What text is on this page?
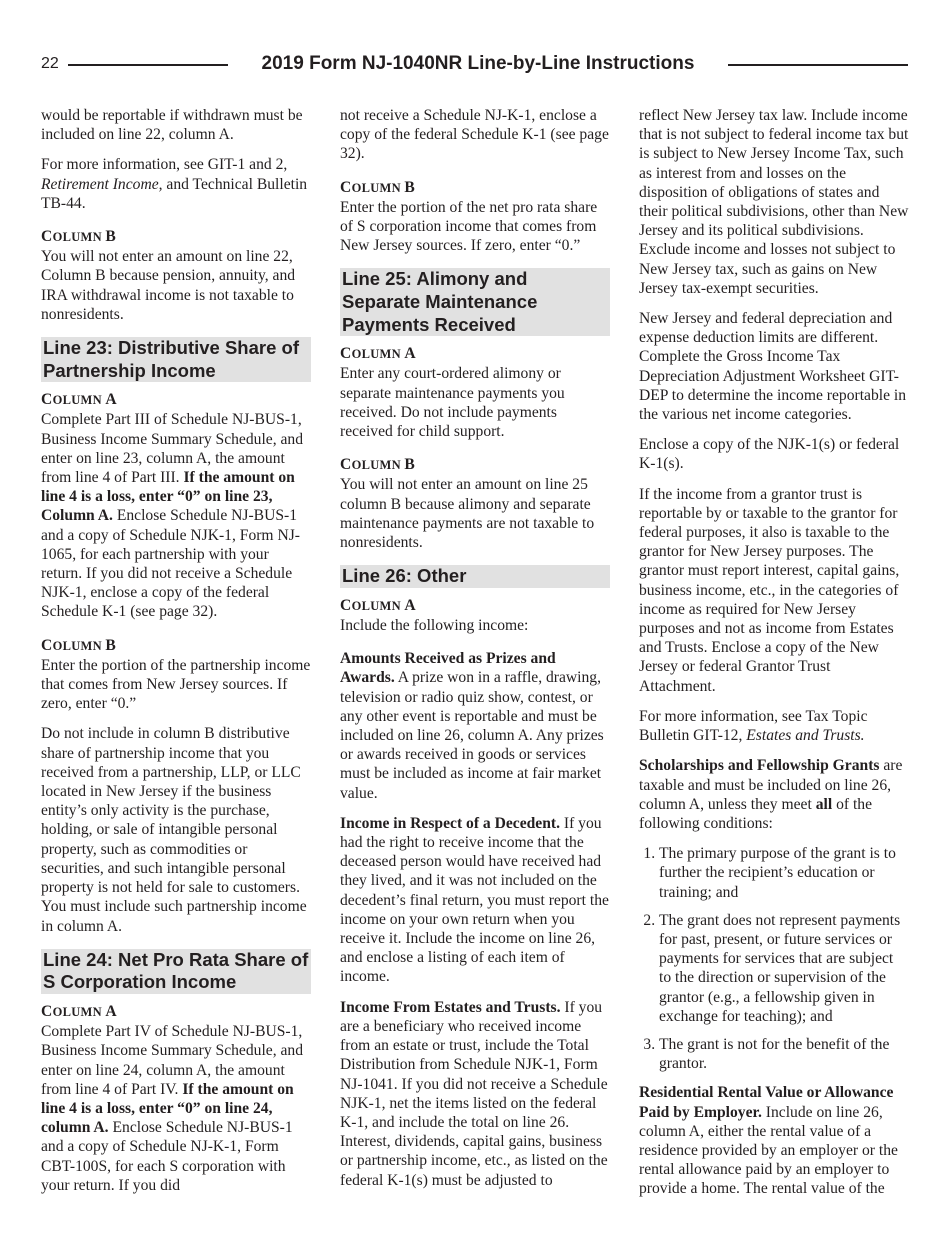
22	2019 Form NJ-1040NR Line-by-Line Instructions

would be reportable if withdrawn must be included on line 22, column A.

For more information, see GIT-1 and 2, Retirement Income, and Technical Bulletin TB-44.

COLUMN B

You will not enter an amount on line 22, Column B because pension, annuity, and IRA withdrawal income is not taxable to nonresidents.

Line 23: Distributive Share of Partnership Income
COLUMN A

Complete Part III of Schedule NJ-BUS-1, Business Income Summary Schedule, and enter on line 23, column A, the amount from line 4 of Part III. If the amount on line 4 is a loss, enter “0” on line 23, Column A. Enclose Schedule NJ-BUS-1 and a copy of Schedule NJK-1, Form NJ-1065, for each partnership with your return. If you did not receive a Schedule NJK-1, enclose a copy of the federal Schedule K-1 (see page 32).

COLUMN B

Enter the portion of the partnership income that comes from New Jersey sources. If zero, enter “0.”

Do not include in column B distributive share of partnership income that you received from a partnership, LLP, or LLC located in New Jersey if the business entity’s only activity is the purchase, holding, or sale of intangible personal property, such as commodities or securities, and such intangible personal property is not held for sale to customers. You must include such partnership income in column A.

Line 24: Net Pro Rata Share of S Corporation Income
COLUMN A

Complete Part IV of Schedule NJ-BUS-1, Business Income Summary Schedule, and enter on line 24, column A, the amount from line 4 of Part IV. If the amount on line 4 is a loss, enter “0” on line 24, column A. Enclose Schedule NJ-BUS-1 and a copy of Schedule NJ-K-1, Form CBT-100S, for each S corporation with your return. If you did

not receive a Schedule NJ-K-1, enclose a copy of the federal Schedule K-1 (see page 32).

COLUMN B

Enter the portion of the net pro rata share of S corporation income that comes from New Jersey sources. If zero, enter “0.”

Line 25: Alimony and Separate Maintenance Payments Received
COLUMN A

Enter any court-ordered alimony or separate maintenance payments you received. Do not include payments received for child support.

COLUMN B

You will not enter an amount on line 25 column B because alimony and separate maintenance payments are not taxable to nonresidents.

Line 26: Other
COLUMN A

Include the following income:

Amounts Received as Prizes and Awards. A prize won in a raffle, drawing, television or radio quiz show, contest, or any other event is reportable and must be included on line 26, column A. Any prizes or awards received in goods or services must be included as income at fair market value.

Income in Respect of a Decedent. If you had the right to receive income that the deceased person would have received had they lived, and it was not included on the decedent’s final return, you must report the income on your own return when you receive it. Include the income on line 26, and enclose a listing of each item of income.

Income From Estates and Trusts. If you are a beneficiary who received income from an estate or trust, include the Total Distribution from Schedule NJK-1, Form NJ-1041. If you did not receive a Schedule NJK-1, net the items listed on the federal K-1, and include the total on line 26. Interest, dividends, capital gains, business or partnership income, etc., as listed on the federal K-1(s) must be adjusted to

reflect New Jersey tax law. Include income that is not subject to federal income tax but is subject to New Jersey Income Tax, such as interest from and losses on the disposition of obligations of states and their political subdivisions, other than New Jersey and its political subdivisions. Exclude income and losses not subject to New Jersey tax, such as gains on New Jersey tax-exempt securities.

New Jersey and federal depreciation and expense deduction limits are different. Complete the Gross Income Tax Depreciation Adjustment Worksheet GIT-DEP to determine the income reportable in the various net income categories.

Enclose a copy of the NJK-1(s) or federal K-1(s).

If the income from a grantor trust is reportable by or taxable to the grantor for federal purposes, it also is taxable to the grantor for New Jersey purposes. The grantor must report interest, capital gains, business income, etc., in the categories of income as required for New Jersey purposes and not as income from Estates and Trusts. Enclose a copy of the New Jersey or federal Grantor Trust Attachment.

For more information, see Tax Topic Bulletin GIT-12, Estates and Trusts.

Scholarships and Fellowship Grants are taxable and must be included on line 26, column A, unless they meet all of the following conditions:

1. The primary purpose of the grant is to further the recipient’s education or training; and
2. The grant does not represent payments for past, present, or future services or payments for services that are subject to the direction or supervision of the grantor (e.g., a fellowship given in exchange for teaching); and
3. The grant is not for the benefit of the grantor.

Residential Rental Value or Allowance Paid by Employer. Include on line 26, column A, either the rental value of a residence provided by an employer or the rental allowance paid by an employer to provide a home. The rental value of the
